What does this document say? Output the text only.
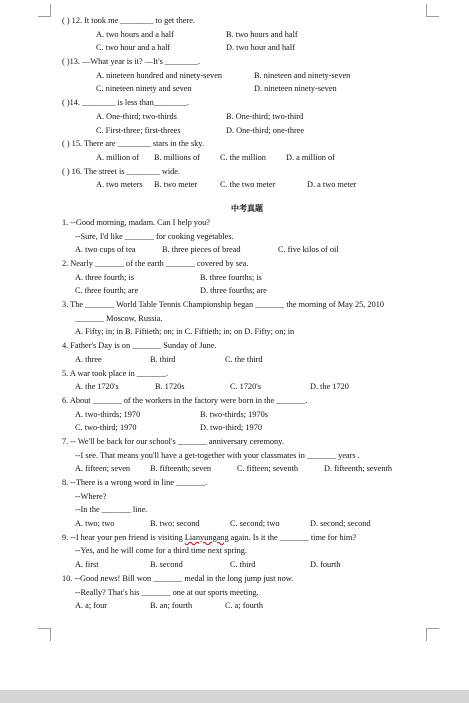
( ) 12. It took me ________ to get there.
A. two hours and a half	B. two hours and half
C. two hour and a half	D. two hour and half
( )13. —What year is it? —It's ________.
A. nineteen hundred and ninety-seven	B. nineteen and ninety-seven
C. nineteen ninety and seven	D. nineteen ninety-seven
( )14. ________ is less than________.
A. One-third; two-thirds	B. One-third; two-third
C. First-three; first-threes	D. One-third; one-three
( ) 15. There are ________ stars in the sky.
A. million of B. millions of C. the million D. a million of
( ) 16. The street is ________ wide.
A. two meters B. two meter	C. the two meter	D. a two meter
中考真题
1. --Good morning, madam. Can I help you?
--Sure, I'd like _______ for cooking vegetables.
A. two cups of tea	B. three pieces of bread	C. five kilos of oil
2. Nearly _______ of the earth _______ covered by sea.
A. three fourth; is	B. three fourths; is
C. three fourth; are	D. three fourths; are
3. The _______ World Table Tennis Championship began _______ the morning of May 25, 2010
_______ Moscow, Russia.
A. Fifty; in; in B. Fiftieth; on; in C. Fiftieth; in; on D. Fifty; on; in
4. Father's Day is on _______ Sunday of June.
A. three	B. third	C. the third
5. A war took place in _______.
A. the 1720's	B. 1720s	C. 1720's	D. the 1720
6. About _______ of the workers in the factory were born in the _______.
A. two-thirds; 1970	B. two-thirds; 1970s
C. two-third; 1970	D. two-third; 1970
7. -- We'll be back for our school's _______ anniversary ceremony.
--I see. That means you'll have a get-together with your classmates in _______ years .
A. fifteen; seven B. fifteenth; seven	C. fifteen; seventh	D. fifteenth; seventh
8. --There is a wrong word in line _______.
--Where?
--In the _______ line.
A. two; two	B. two; second	C. second; two	D. second; second
9. --I hear your pen friend is visiting Lianyungang again. Is it the _______ time for him?
--Yes, and he will come for a third time next spring.
A. first	B. second	C. third	D. fourth
10. --Good news! Bill won _______ medal in the long jump just now.
--Really? That's his _______ one at our sports meeting.
A. a; four	B. an; fourth	C. a; fourth
